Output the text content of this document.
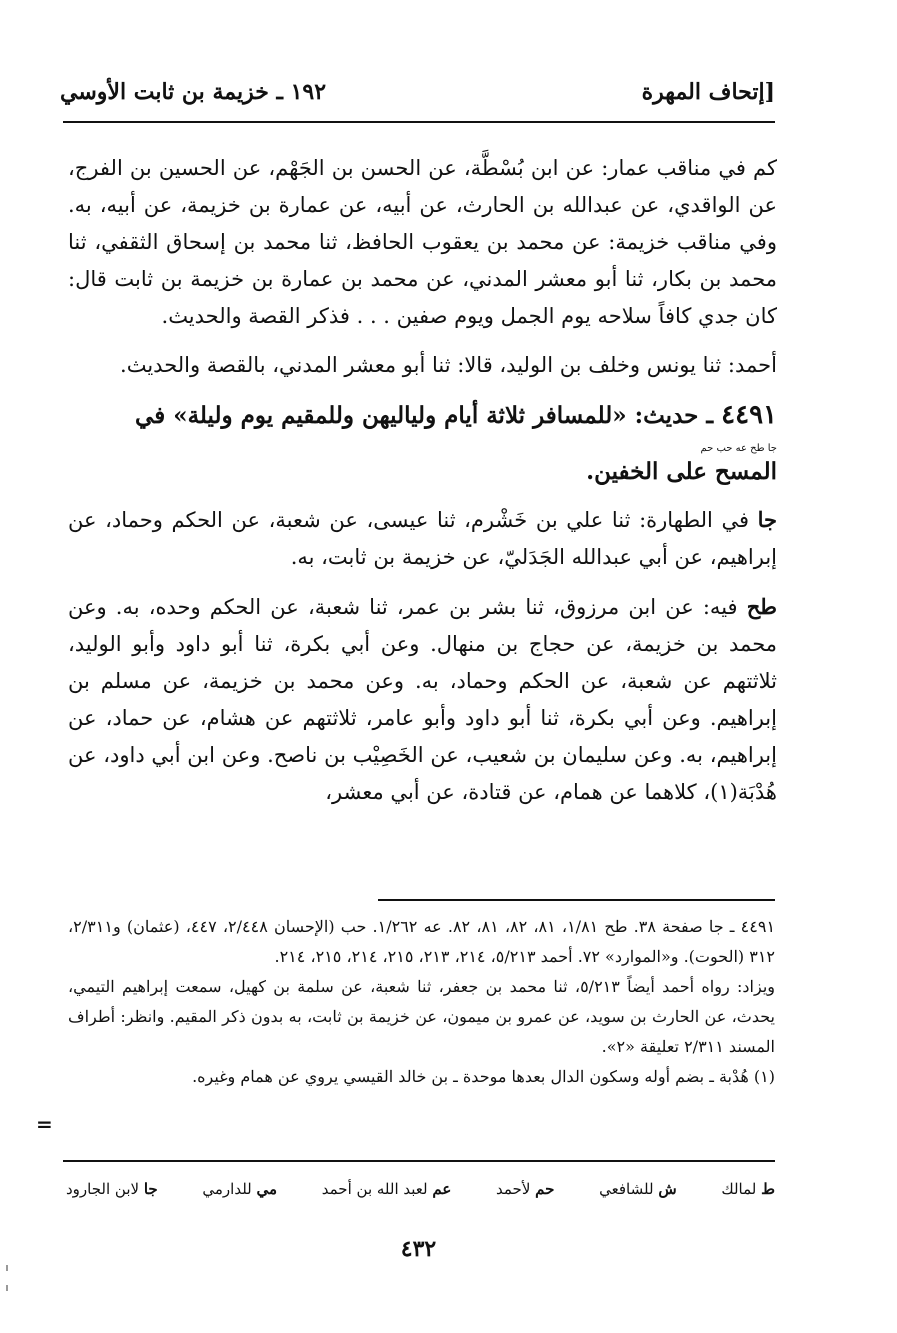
١٩٢ ـ خزيمة بن ثابت الأوسي	[إتحاف المهرة

كم في مناقب عمار: عن ابن بُسْطَّة، عن الحسن بن الجَهْم، عن الحسين بن الفرج، عن الواقدي، عن عبدالله بن الحارث، عن أبيه، عن عمارة بن خزيمة، عن أبيه، به. وفي مناقب خزيمة: عن محمد بن يعقوب الحافظ، ثنا محمد بن إسحاق الثقفي، ثنا محمد بن بكار، ثنا أبو معشر المدني، عن محمد بن عمارة بن خزيمة بن ثابت قال: كان جدي كافاً سلاحه يوم الجمل ويوم صفين . . . فذكر القصة والحديث.

أحمد: ثنا يونس وخلف بن الوليد، قالا: ثنا أبو معشر المدني، بالقصة والحديث.

٤٤٩١ ـ حديث: «للمسافر ثلاثة أيام ولياليهن وللمقيم يوم وليلة» في

جا طح عه حب حم

المسح على الخفين.

جا في الطهارة: ثنا علي بن خَشْرم، ثنا عيسى، عن شعبة، عن الحكم وحماد، عن إبراهيم، عن أبي عبدالله الجَدَليّ، عن خزيمة بن ثابت، به.

طح فيه: عن ابن مرزوق، ثنا بشر بن عمر، ثنا شعبة، عن الحكم وحده، به. وعن محمد بن خزيمة، عن حجاج بن منهال. وعن أبي بكرة، ثنا أبو داود وأبو الوليد، ثلاثتهم عن شعبة، عن الحكم وحماد، به. وعن محمد بن خزيمة، عن مسلم بن إبراهيم. وعن أبي بكرة، ثنا أبو داود وأبو عامر، ثلاثتهم عن هشام، عن حماد، عن إبراهيم، به. وعن سليمان بن شعيب، عن الخَصِيْب بن ناصح. وعن ابن أبي داود، عن هُدْبَة(١)، كلاهما عن همام، عن قتادة، عن أبي معشر،

٤٤٩١ ـ جا صفحة ٣٨. طح ١/٨١، ٨١، ٨٢، ٨١، ٨٢. عه ١/٢٦٢. حب (الإحسان ٢/٤٤٨، ٤٤٧، (عثمان) و٢/٣١١، ٣١٢ (الحوت). و«الموارد» ٧٢. أحمد ٥/٢١٣، ٢١٤، ٢١٣، ٢١٥، ٢١٤، ٢١٥، ٢١٤.

ويزاد: رواه أحمد أيضاً ٥/٢١٣، ثنا محمد بن جعفر، ثنا شعبة، عن سلمة بن كهيل، سمعت إبراهيم التيمي، يحدث، عن الحارث بن سويد، عن عمرو بن ميمون، عن خزيمة بن ثابت، به بدون ذكر المقيم. وانظر: أطراف المسند ٢/٣١١ تعليقة «٢».

(١) هُدْبة ـ بضم أوله وسكون الدال بعدها موحدة ـ بن خالد القيسي يروي عن همام وغيره.

=
ط لمالك
ش للشافعي
حم لأحمد
عم لعبد الله بن أحمد
مي للدارمي
جا لابن الجارود
٤٣٢
